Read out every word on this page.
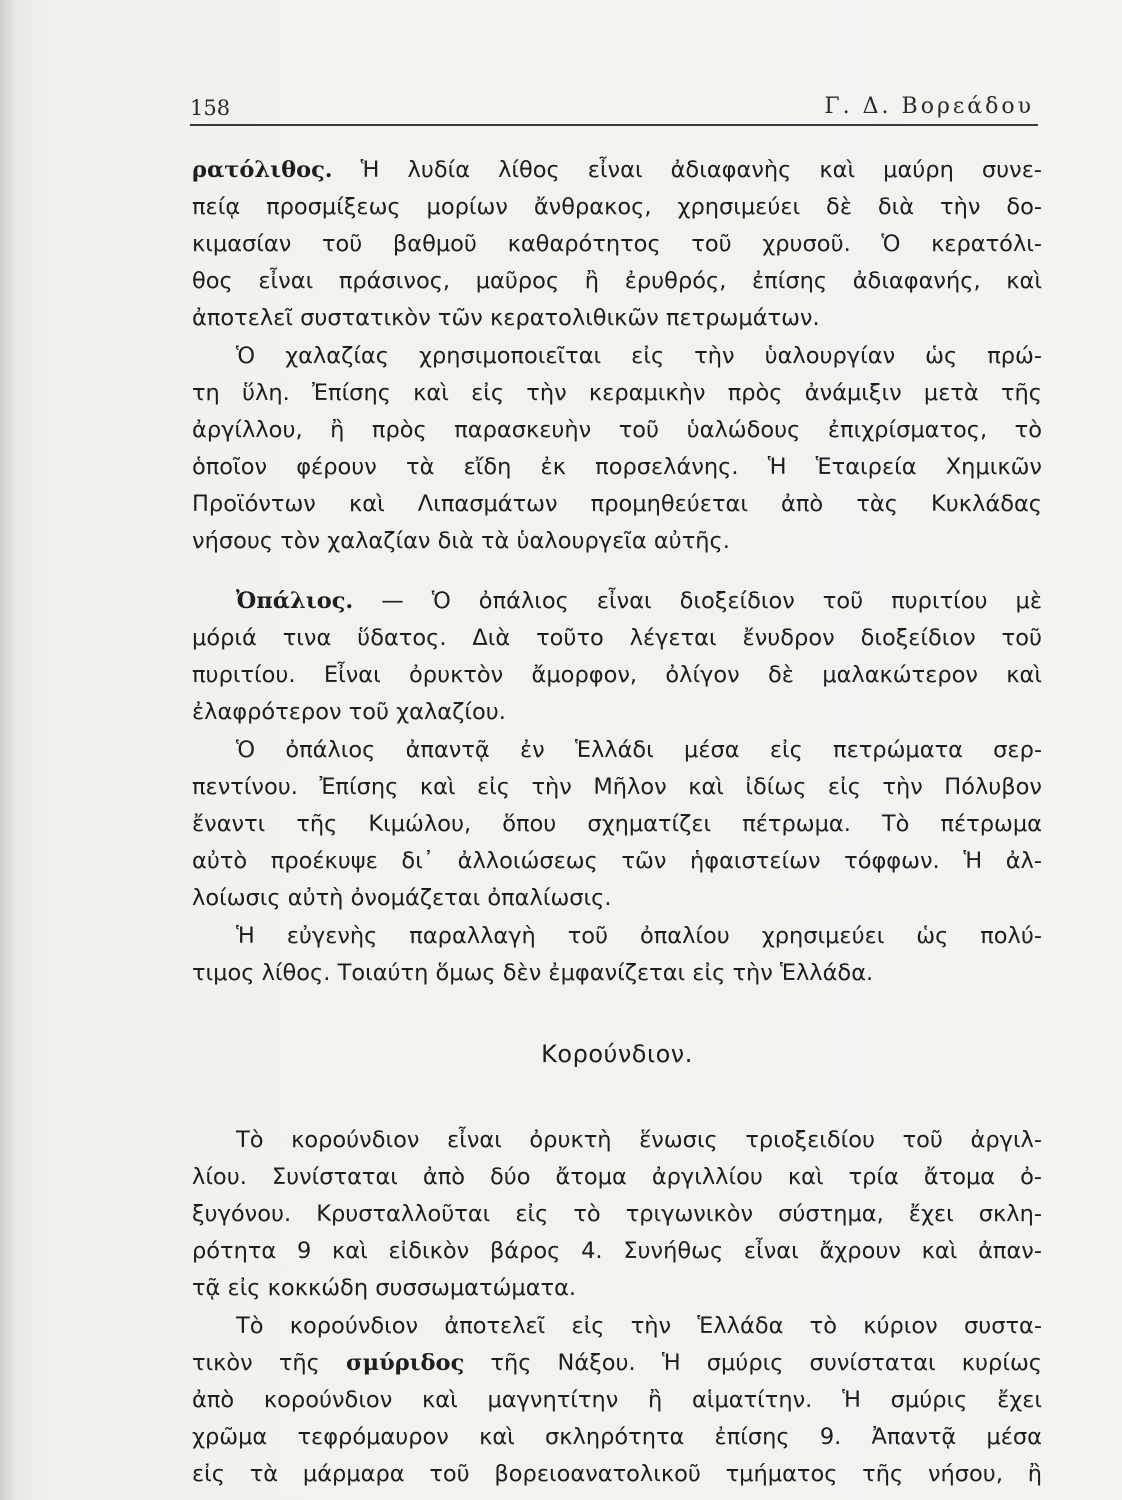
158	Γ. Δ. Βορεάδου
ρατόλιθος. Ἡ λυδία λίθος εἶναι ἀδιαφανὴς καὶ μαύρη συνε-
πείᾳ προσμίξεως μορίων ἄνθρακος, χρησιμεύει δὲ διὰ τὴν δο-
κιμασίαν τοῦ βαθμοῦ καθαρότητος τοῦ χρυσοῦ. Ὁ κερατόλι-
θος εἶναι πράσινος, μαῦρος ἢ ἐρυθρός, ἐπίσης ἀδιαφανής, καὶ
ἀποτελεῖ συστατικὸν τῶν κερατολιθικῶν πετρωμάτων.
Ὁ χαλαζίας χρησιμοποιεῖται εἰς τὴν ὑαλουργίαν ὡς πρώ-
τη ὕλη. Ἐπίσης καὶ εἰς τὴν κεραμικὴν πρὸς ἀνάμιξιν μετὰ τῆς
ἀργίλλου, ἢ πρὸς παρασκευὴν τοῦ ὑαλώδους ἐπιχρίσματος, τὸ
ὁποῖον φέρουν τὰ εἴδη ἐκ πορσελάνης. Ἡ Ἑταιρεία Χημικῶν
Προϊόντων καὶ Λιπασμάτων προμηθεύεται ἀπὸ τὰς Κυκλάδας
νήσους τὸν χαλαζίαν διὰ τὰ ὑαλουργεῖα αὐτῆς.
Ὀπάλιος. — Ὁ ὀπάλιος εἶναι διοξείδιον τοῦ πυριτίου μὲ
μόριά τινα ὕδατος. Διὰ τοῦτο λέγεται ἔνυδρον διοξείδιον τοῦ
πυριτίου. Εἶναι ὀρυκτὸν ἄμορφον, ὀλίγον δὲ μαλακώτερον καὶ
ἐλαφρότερον τοῦ χαλαζίου.
Ὁ ὀπάλιος ἀπαντᾷ ἐν Ἑλλάδι μέσα εἰς πετρώματα σερ-
πεντίνου. Ἐπίσης καὶ εἰς τὴν Μῆλον καὶ ἰδίως εἰς τὴν Πόλυβον
ἔναντι τῆς Κιμώλου, ὅπου σχηματίζει πέτρωμα. Τὸ πέτρωμα
αὐτὸ προέκυψε δι᾽ ἀλλοιώσεως τῶν ἡφαιστείων τόφφων. Ἡ ἀλ-
λοίωσις αὐτὴ ὀνομάζεται ὀπαλίωσις.
Ἡ εὐγενὴς παραλλαγὴ τοῦ ὀπαλίου χρησιμεύει ὡς πολύ-
τιμος λίθος. Τοιαύτη ὅμως δὲν ἐμφανίζεται εἰς τὴν Ἑλλάδα.
Κορούνδιον.
Τὸ κορούνδιον εἶναι ὀρυκτὴ ἕνωσις τριοξειδίου τοῦ ἀργιλ-
λίου. Συνίσταται ἀπὸ δύο ἄτομα ἀργιλλίου καὶ τρία ἄτομα ὀ-
ξυγόνου. Κρυσταλλοῦται εἰς τὸ τριγωνικὸν σύστημα, ἔχει σκλη-
ρότητα 9 καὶ εἰδικὸν βάρος 4. Συνήθως εἶναι ἄχρουν καὶ ἀπαν-
τᾷ εἰς κοκκώδη συσσωματώματα.
Τὸ κορούνδιον ἀποτελεῖ εἰς τὴν Ἑλλάδα τὸ κύριον συστα-
τικὸν τῆς σμύριδος τῆς Νάξου. Ἡ σμύρις συνίσταται κυρίως
ἀπὸ κορούνδιον καὶ μαγνητίτην ἢ αἱματίτην. Ἡ σμύρις ἔχει
χρῶμα τεφρόμαυρον καὶ σκληρότητα ἐπίσης 9. Ἀπαντᾷ μέσα
εἰς τὰ μάρμαρα τοῦ βορειοανατολικοῦ τμήματος τῆς νήσου, ἢ
